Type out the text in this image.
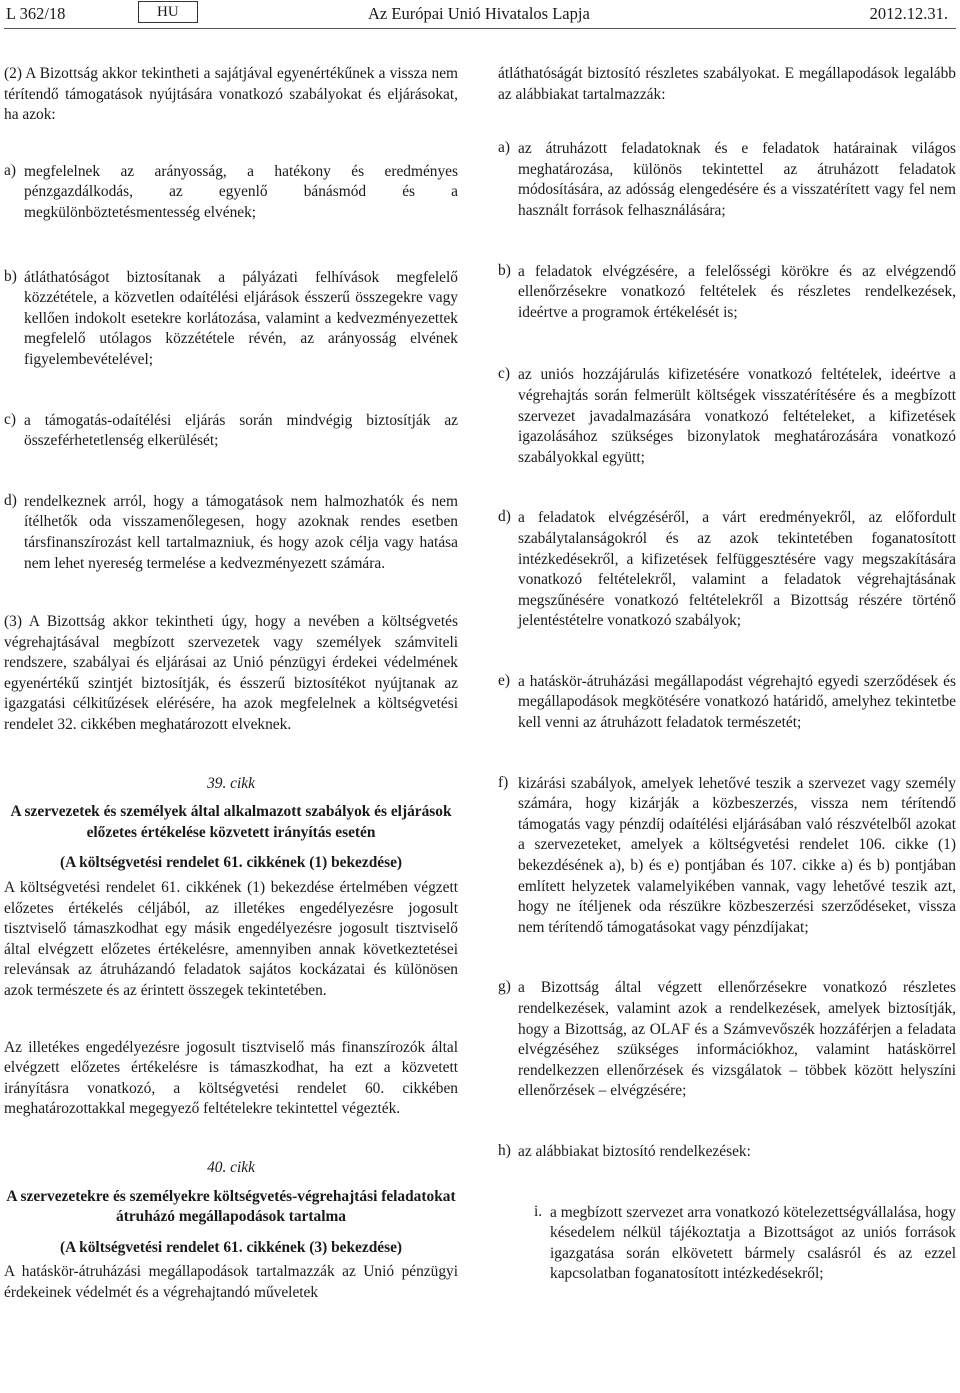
L 362/18	HU	Az Európai Unió Hivatalos Lapja	2012.12.31.

(2) A Bizottság akkor tekintheti a sajátjával egyenértékűnek a vissza nem térítendő támogatások nyújtására vonatkozó szabályokat és eljárásokat, ha azok:

a) megfelelnek az arányosság, a hatékony és eredményes pénzgazdálkodás, az egyenlő bánásmód és a megkülönböztetésmentesség elvének;

b) átláthatóságot biztosítanak a pályázati felhívások megfelelő közzététele, a közvetlen odaítélési eljárások ésszerű összegekre vagy kellően indokolt esetekre korlátozása, valamint a kedvezményezettek megfelelő utólagos közzététele révén, az arányosság elvének figyelembevételével;

c) a támogatás-odaítélési eljárás során mindvégig biztosítják az összeférhetetlenség elkerülését;

d) rendelkeznek arról, hogy a támogatások nem halmozhatók és nem ítélhetők oda visszamenőlegesen, hogy azoknak rendes esetben társfinanszírozást kell tartalmazniuk, és hogy azok célja vagy hatása nem lehet nyereség termelése a kedvezményezett számára.

(3) A Bizottság akkor tekintheti úgy, hogy a nevében a költségvetés végrehajtásával megbízott szervezetek vagy személyek számviteli rendszere, szabályai és eljárásai az Unió pénzügyi érdekei védelmének egyenértékű szintjét biztosítják, és ésszerű biztosítékot nyújtanak az igazgatási célkitűzések elérésére, ha azok megfelelnek a költségvetési rendelet 32. cikkében meghatározott elveknek.

39. cikk

A szervezetek és személyek által alkalmazott szabályok és eljárások előzetes értékelése közvetett irányítás esetén

(A költségvetési rendelet 61. cikkének (1) bekezdése)

A költségvetési rendelet 61. cikkének (1) bekezdése értelmében végzett előzetes értékelés céljából, az illetékes engedélyezésre jogosult tisztviselő támaszkodhat egy másik engedélyezésre jogosult tisztviselő által elvégzett előzetes értékelésre, amennyiben annak következtetései relevánsak az átruházandó feladatok sajátos kockázatai és különösen azok természete és az érintett összegek tekintetében.

Az illetékes engedélyezésre jogosult tisztviselő más finanszírozók által elvégzett előzetes értékelésre is támaszkodhat, ha ezt a közvetett irányításra vonatkozó, a költségvetési rendelet 60. cikkében meghatározottakkal megegyező feltételekre tekintettel végezték.

40. cikk

A szervezetekre és személyekre költségvetés-végrehajtási feladatokat átruházó megállapodások tartalma

(A költségvetési rendelet 61. cikkének (3) bekezdése)

A hatáskör-átruházási megállapodások tartalmazzák az Unió pénzügyi érdekeinek védelmét és a végrehajtandó műveletek

átláthatóságát biztosító részletes szabályokat. E megállapodások legalább az alábbiakat tartalmazzák:

a) az átruházott feladatoknak és e feladatok határainak világos meghatározása, különös tekintettel az átruházott feladatok módosítására, az adósság elengedésére és a visszatérített vagy fel nem használt források felhasználására;

b) a feladatok elvégzésére, a felelősségi körökre és az elvégzendő ellenőrzésekre vonatkozó feltételek és részletes rendelkezések, ideértve a programok értékelését is;

c) az uniós hozzájárulás kifizetésére vonatkozó feltételek, ideértve a végrehajtás során felmerült költségek visszatérítésére és a megbízott szervezet javadalmazására vonatkozó feltételeket, a kifizetések igazolásához szükséges bizonylatok meghatározására vonatkozó szabályokkal együtt;

d) a feladatok elvégzéséről, a várt eredményekről, az előfordult szabálytalanságokról és az azok tekintetében foganatosított intézkedésekről, a kifizetések felfüggesztésére vagy megszakítására vonatkozó feltételekről, valamint a feladatok végrehajtásának megszűnésére vonatkozó feltételekről a Bizottság részére történő jelentéstételre vonatkozó szabályok;

e) a hatáskör-átruházási megállapodást végrehajtó egyedi szerződések és megállapodások megkötésére vonatkozó határidő, amelyhez tekintetbe kell venni az átruházott feladatok természetét;

f) kizárási szabályok, amelyek lehetővé teszik a szervezet vagy személy számára, hogy kizárják a közbeszerzés, vissza nem térítendő támogatás vagy pénzdíj odaítélési eljárásában való részvételből azokat a szervezeteket, amelyek a költségvetési rendelet 106. cikke (1) bekezdésének a), b) és e) pontjában és 107. cikke a) és b) pontjában említett helyzetek valamelyikében vannak, vagy lehetővé teszik azt, hogy ne ítéljenek oda részükre közbeszerzési szerződéseket, vissza nem térítendő támogatásokat vagy pénzdíjakat;

g) a Bizottság által végzett ellenőrzésekre vonatkozó részletes rendelkezések, valamint azok a rendelkezések, amelyek biztosítják, hogy a Bizottság, az OLAF és a Számvevőszék hozzáférjen a feladata elvégzéséhez szükséges információkhoz, valamint hatáskörrel rendelkezzen ellenőrzések és vizsgálatok – többek között helyszíni ellenőrzések – elvégzésére;

h) az alábbiakat biztosító rendelkezések:

i. a megbízott szervezet arra vonatkozó kötelezettségvállalása, hogy késedelem nélkül tájékoztatja a Bizottságot az uniós források igazgatása során elkövetett bármely csalásról és az ezzel kapcsolatban foganatosított intézkedésekről;
